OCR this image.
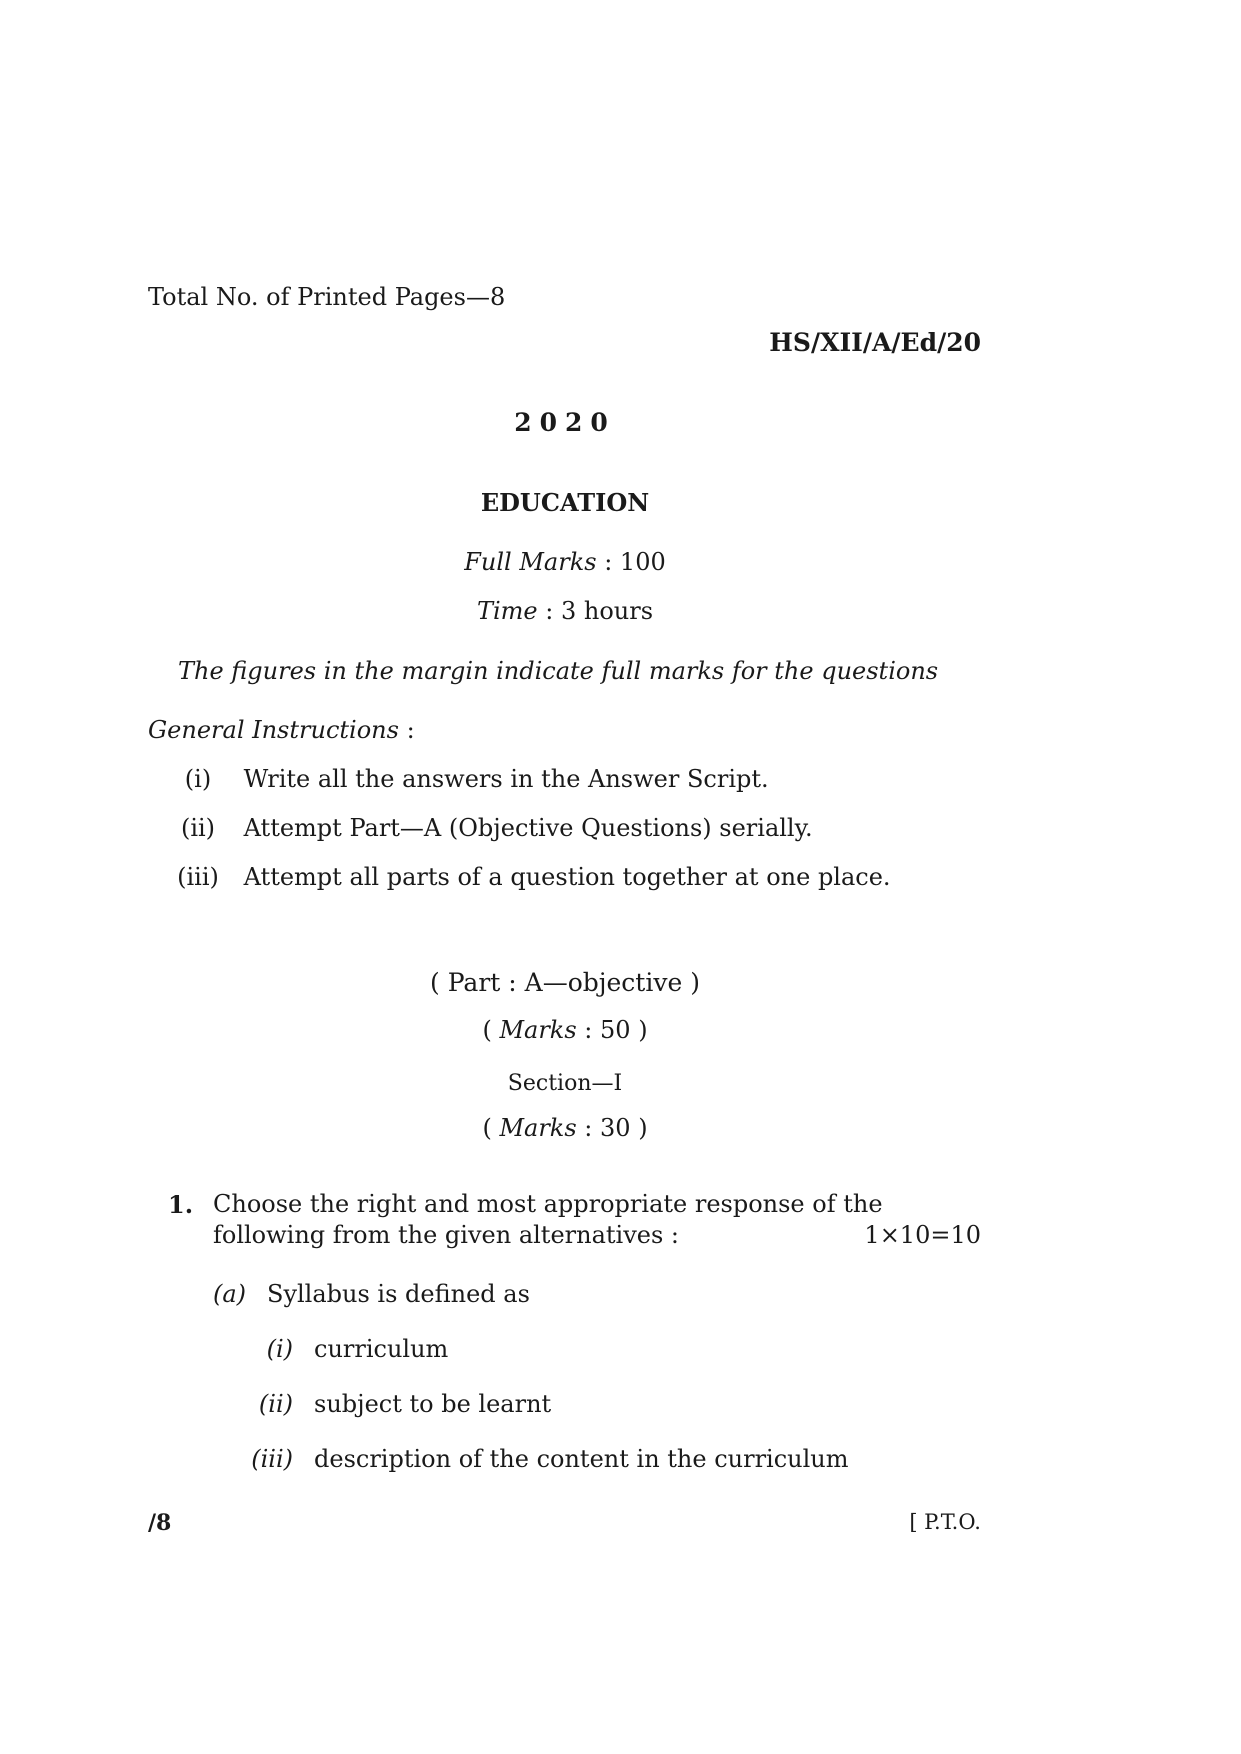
Total No. of Printed Pages—8
HS/XII/A/Ed/20
2020
EDUCATION
Full Marks : 100
Time : 3 hours
The figures in the margin indicate full marks for the questions
General Instructions :
(i) Write all the answers in the Answer Script.
(ii) Attempt Part—A (Objective Questions) serially.
(iii) Attempt all parts of a question together at one place.
( Part : A—objective )
( Marks : 50 )
Section—I
( Marks : 30 )
1. Choose the right and most appropriate response of the
following from the given alternatives :	1×10=10
(a) Syllabus is defined as
(i) curriculum
(ii) subject to be learnt
(iii) description of the content in the curriculum
/8	[ P.T.O.
